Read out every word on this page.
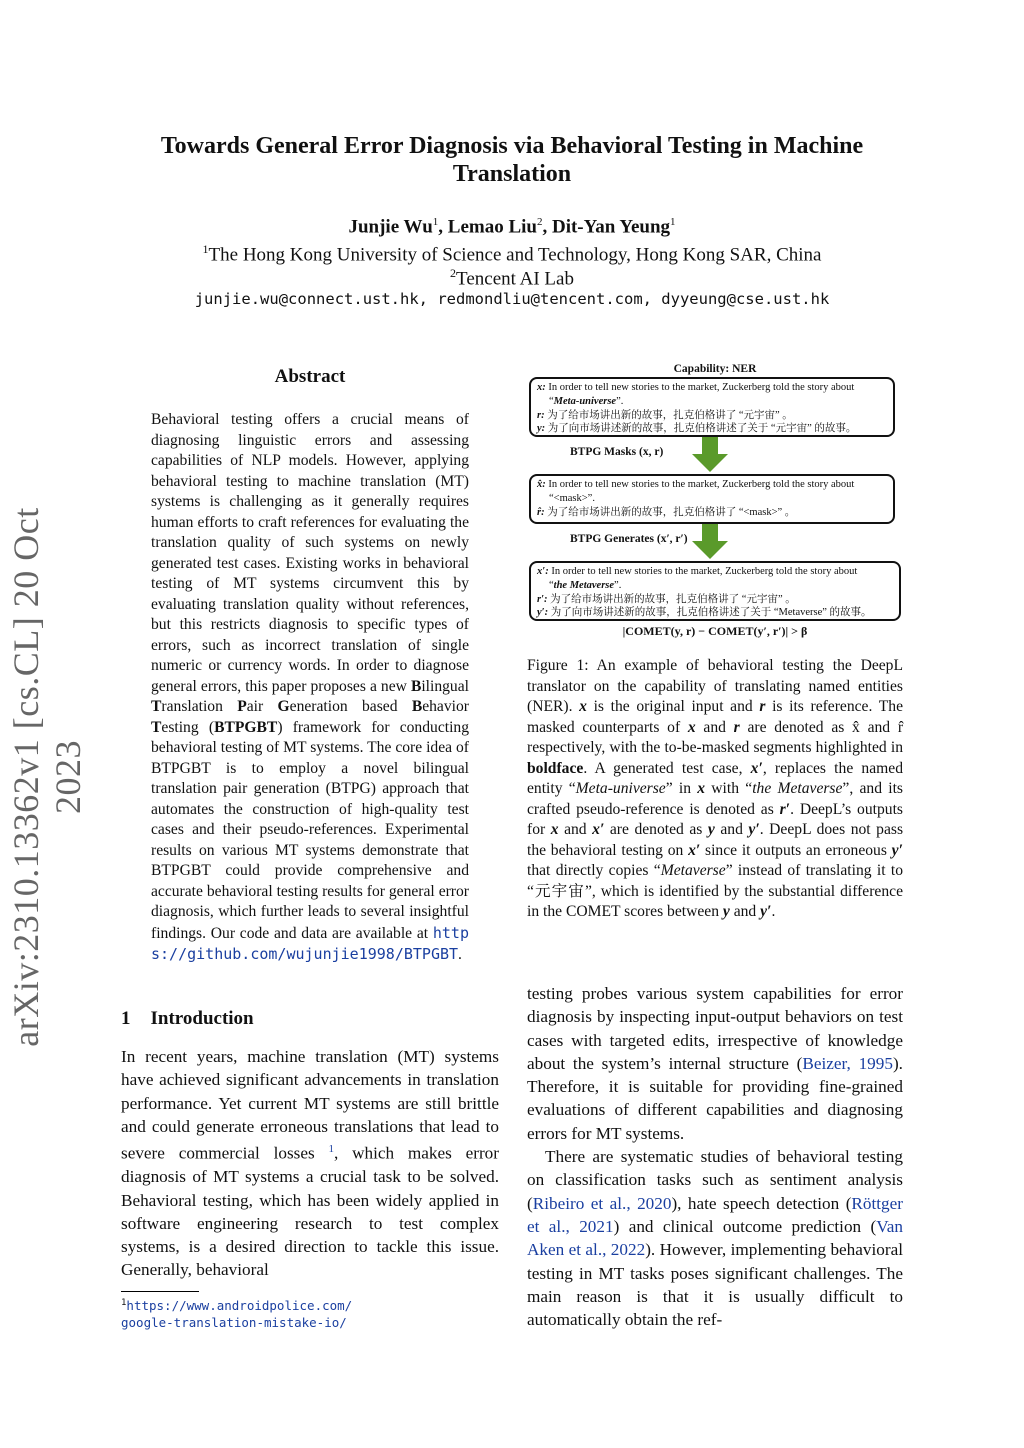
arXiv:2310.13362v1 [cs.CL] 20 Oct 2023
Towards General Error Diagnosis via Behavioral Testing in Machine Translation
Junjie Wu$^1$, Lemao Liu$^2$, Dit-Yan Yeung$^1$
$^1$The Hong Kong University of Science and Technology, Hong Kong SAR, China
$^2$Tencent AI Lab
junjie.wu@connect.ust.hk, redmondliu@tencent.com, dyyeung@cse.ust.hk
Abstract
Behavioral testing offers a crucial means of diagnosing linguistic errors and assessing capabilities of NLP models. However, applying behavioral testing to machine translation (MT) systems is challenging as it generally requires human efforts to craft references for evaluating the translation quality of such systems on newly generated test cases. Existing works in behavioral testing of MT systems circumvent this by evaluating translation quality without references, but this restricts diagnosis to specific types of errors, such as incorrect translation of single numeric or currency words. In order to diagnose general errors, this paper proposes a new Bilingual Translation Pair Generation based Behavior Testing (BTPGBT) framework for conducting behavioral testing of MT systems. The core idea of BTPGBT is to employ a novel bilingual translation pair generation (BTPG) approach that automates the construction of high-quality test cases and their pseudo-references. Experimental results on various MT systems demonstrate that BTPGBT could provide comprehensive and accurate behavioral testing results for general error diagnosis, which further leads to several insightful findings. Our code and data are available at https://github.com/wujunjie1998/BTPGBT.
1 Introduction
In recent years, machine translation (MT) systems have achieved significant advancements in translation performance. Yet current MT systems are still brittle and could generate erroneous translations that lead to severe commercial losses $^1$, which makes error diagnosis of MT systems a crucial task to be solved. Behavioral testing, which has been widely applied in software engineering research to test complex systems, is a desired direction to tackle this issue. Generally, behavioral
testing probes various system capabilities for error diagnosis by inspecting input-output behaviors on test cases with targeted edits, irrespective of knowledge about the system’s internal structure (Beizer, 1995). Therefore, it is suitable for providing fine-grained evaluations of different capabilities and diagnosing errors for MT systems.
There are systematic studies of behavioral testing on classification tasks such as sentiment analysis (Ribeiro et al., 2020), hate speech detection (Röttger et al., 2021) and clinical outcome prediction (Van Aken et al., 2022). However, implementing behavioral testing in MT tasks poses significant challenges. The main reason is that it is usually difficult to automatically obtain the ref-
$^1$https://www.androidpolice.com/
google-translation-mistake-io/
Capability: NER
x: In order to tell new stories to the market, Zuckerberg told the story about
“Meta-universe”.
r: 为了给市场讲出新的故事，扎克伯格讲了 “元宇宙” 。
y: 为了向市场讲述新的故事，扎克伯格讲述了关于 “元宇宙” 的故事。
BTPG Masks (x, r)
x̂: In order to tell new stories to the market, Zuckerberg told the story about
“<mask>”.
r̂: 为了给市场讲出新的故事，扎克伯格讲了 “<mask>” 。
BTPG Generates (x′, r′)
x′: In order to tell new stories to the market, Zuckerberg told the story about
“the Metaverse”.
r′: 为了给市场讲出新的故事，扎克伯格讲了 “元宇宙” 。
y′: 为了向市场讲述新的故事，扎克伯格讲述了关于 “Metaverse” 的故事。
|COMET(y, r) − COMET(y′, r′)| > β
Figure 1: An example of behavioral testing the DeepL translator on the capability of translating named entities (NER). x is the original input and r is its reference. The masked counterparts of x and r are denoted as x̂ and r̂ respectively, with the to-be-masked segments highlighted in boldface. A generated test case, x′, replaces the named entity “Meta-universe” in x with “the Metaverse”, and its crafted pseudo-reference is denoted as r′. DeepL’s outputs for x and x′ are denoted as y and y′. DeepL does not pass the behavioral testing on x′ since it outputs an erroneous y′ that directly copies “Metaverse” instead of translating it to “元宇宙”, which is identified by the substantial difference in the COMET scores between y and y′.
